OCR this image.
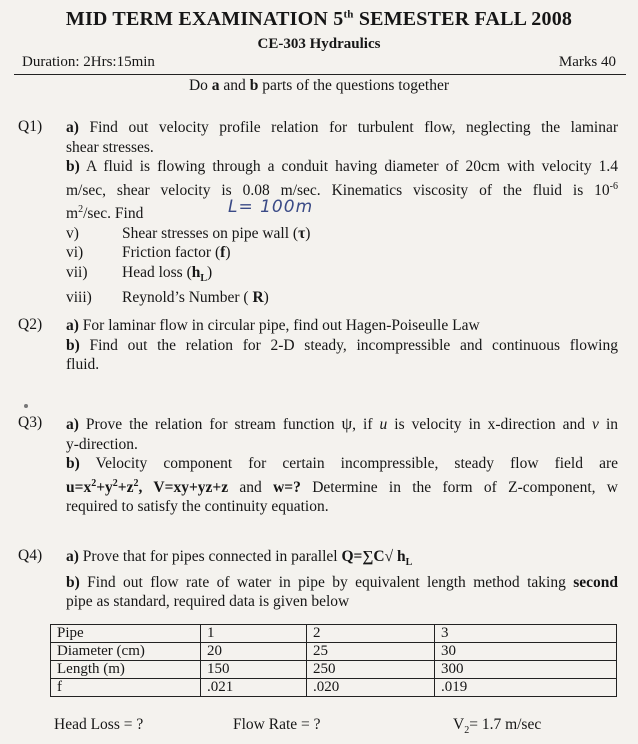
MID TERM EXAMINATION 5th SEMESTER FALL 2008
CE-303 Hydraulics
Duration: 2Hrs:15min	Marks 40
Do a and b parts of the questions together
Q1) a) Find out velocity profile relation for turbulent flow, neglecting the laminar
shear stresses.
b) A fluid is flowing through a conduit having diameter of 20cm with velocity 1.4
m/sec, shear velocity is 0.08 m/sec. Kinematics viscosity of the fluid is $10^{-6}$
$m^2/\sec$. Find	L= 100m
v)	Shear stresses on pipe wall (τ)
vi)	Friction factor (f)
vii) Head loss $(h_L)$
viii) Reynold’s Number ( R)
Q2) a) For laminar flow in circular pipe, find out Hagen-Poiseulle Law
b) Find out the relation for 2-D steady, incompressible and continuous flowing
fluid.
Q3) a) Prove the relation for stream function ψ, if u is velocity in x-direction and v in
y-direction.
b) Velocity component for certain incompressible, steady flow field are
$u=x^2+y^2+z^2$, V=xy+yz+z and w=? Determine in the form of Z-component, w
required to satisfy the continuity equation.
Q4) a) Prove that for pipes connected in parallel Q=∑C√ $h_L$
b) Find out flow rate of water in pipe by equivalent length method taking second
pipe as standard, required data is given below
Pipe	1	2	3
Diameter (cm)	20	25	30
Length (m)	150	250	300
f	.021	.020	.019
Head Loss = ?	Flow Rate = ?	$V_2= 1.7$ m/sec
